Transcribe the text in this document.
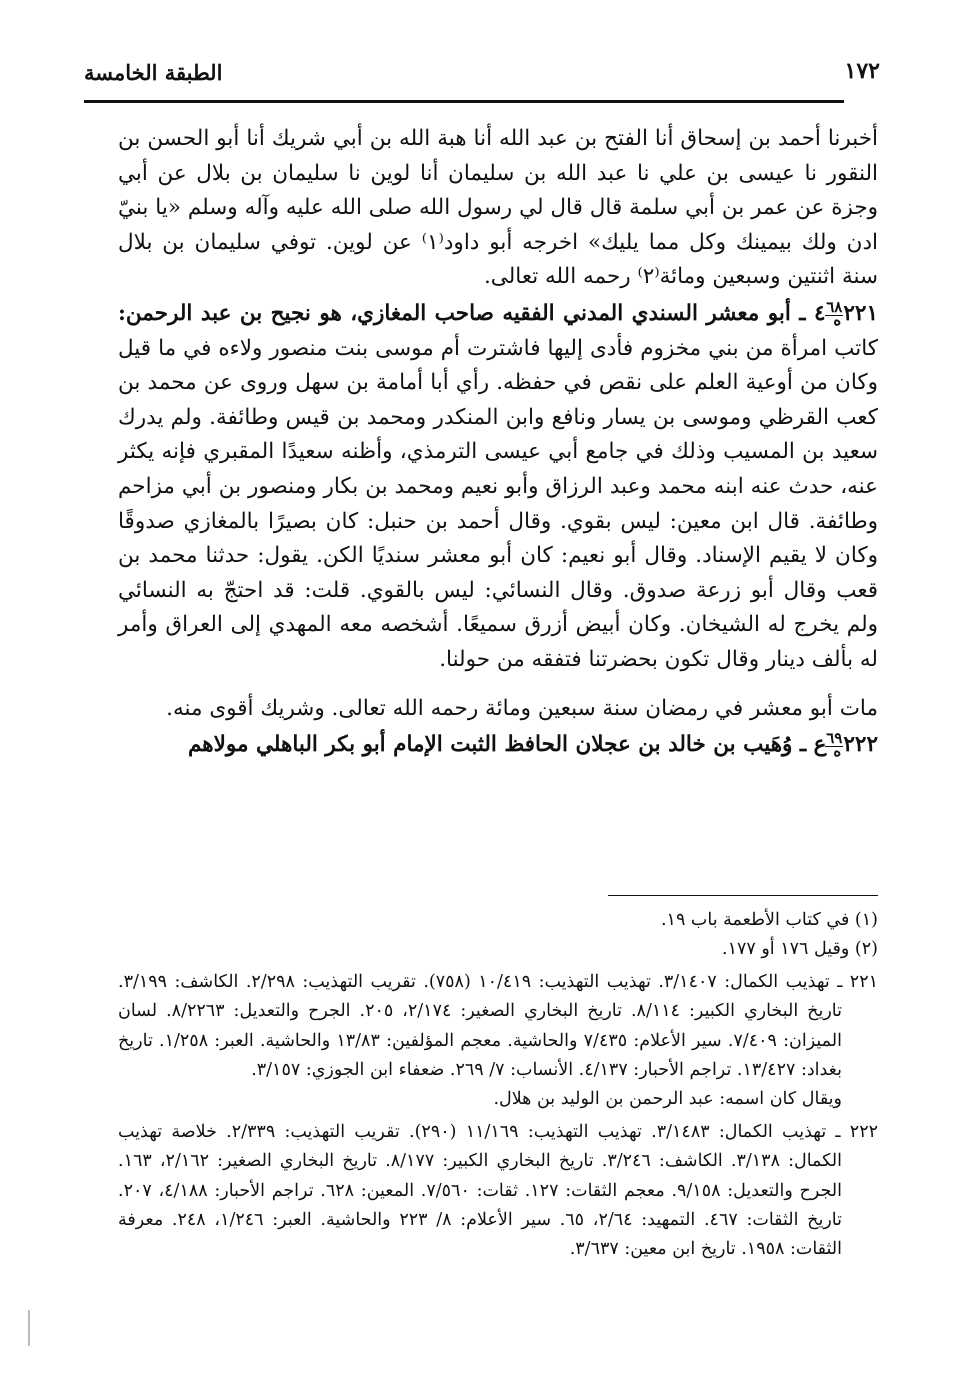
١٧٢
الطبقة الخامسة

أخبرنا أحمد بن إسحاق أنا الفتح بن عبد الله أنا هبة الله بن أبي شريك أنا أبو الحسن بن النقور نا عيسى بن علي نا عبد الله بن سليمان أنا لوين نا سليمان بن بلال عن أبي وجزة عن عمر بن أبي سلمة قال قال لي رسول الله صلى الله عليه وآله وسلم «يا بنيّ ادن ولك بيمينك وكل مما يليك» اخرجه أبو داود⁽١⁾ عن لوين. توفي سليمان بن بلال سنة اثنتين وسبعين ومائة⁽٢⁾ رحمه الله تعالى.

٢٢١٦٨ه ٤ ـ أبو معشر السندي المدني الفقيه صاحب المغازي، هو نجيح بن عبد الرحمن: كاتب امرأة من بني مخزوم فأدى إليها فاشترت أم موسى بنت منصور ولاءه في ما قيل وكان من أوعية العلم على نقص في حفظه. رأي أبا أمامة بن سهل وروى عن محمد بن كعب القرظي وموسى بن يسار ونافع وابن المنكدر ومحمد بن قيس وطائفة. ولم يدرك سعيد بن المسيب وذلك في جامع أبي عيسى الترمذي، وأظنه سعيدًا المقبري فإنه يكثر عنه، حدث عنه ابنه محمد وعبد الرزاق وأبو نعيم ومحمد بن بكار ومنصور بن أبي مزاحم وطائفة. قال ابن معين: ليس بقوي. وقال أحمد بن حنبل: كان بصيرًا بالمغازي صدوقًا وكان لا يقيم الإسناد. وقال أبو نعيم: كان أبو معشر سنديًا الكن. يقول: حدثنا محمد بن قعب وقال أبو زرعة صدوق. وقال النسائي: ليس بالقوي. قلت: قد احتجّ به النسائي ولم يخرج له الشيخان. وكان أبيض أزرق سميعًا. أشخصه معه المهدي إلى العراق وأمر له بألف دينار وقال تكون بحضرتنا فتفقه من حولنا.

مات أبو معشر في رمضان سنة سبعين ومائة رحمه الله تعالى. وشريك أقوى منه.

٢٢٢٦٩ه ع ـ وُهَيب بن خالد بن عجلان الحافظ الثبت الإمام أبو بكر الباهلي مولاهم

(١) في كتاب الأطعمة باب ١٩.

(٢) وقيل ١٧٦ أو ١٧٧.

٢٢١ ـ تهذيب الكمال: ٣/١٤٠٧. تهذيب التهذيب: ١٠/٤١٩ (٧٥٨). تقريب التهذيب: ٢/٢٩٨. الكاشف: ٣/١٩٩. تاريخ البخاري الكبير: ٨/١١٤. تاريخ البخاري الصغير: ٢/١٧٤، ٢٠٥. الجرح والتعديل: ٨/٢٢٦٣. لسان الميزان: ٧/٤٠٩. سير الأعلام: ٧/٤٣٥ والحاشية. معجم المؤلفين: ١٣/٨٣ والحاشية. العبر: ١/٢٥٨. تاريخ بغداد: ١٣/٤٢٧. تراجم الأحبار: ٤/١٣٧. الأنساب: ٧/ ٢٦٩. ضعفاء ابن الجوزي: ٣/١٥٧.

ويقال كان اسمه: عبد الرحمن بن الوليد بن هلال.

٢٢٢ ـ تهذيب الكمال: ٣/١٤٨٣. تهذيب التهذيب: ١١/١٦٩ (٢٩٠). تقريب التهذيب: ٢/٣٣٩. خلاصة تهذيب الكمال: ٣/١٣٨. الكاشف: ٣/٢٤٦. تاريخ البخاري الكبير: ٨/١٧٧. تاريخ البخاري الصغير: ٢/١٦٢، ١٦٣. الجرح والتعديل: ٩/١٥٨. معجم الثقات: ١٢٧. ثقات: ٧/٥٦٠. المعين: ٦٢٨. تراجم الأحبار: ٤/١٨٨، ٢٠٧. تاريخ الثقات: ٤٦٧. التمهيد: ٢/٦٤، ٦٥. سير الأعلام: ٨/ ٢٢٣ والحاشية. العبر: ١/٢٤٦، ٢٤٨. معرفة الثقات: ١٩٥٨. تاريخ ابن معين: ٣/٦٣٧.
